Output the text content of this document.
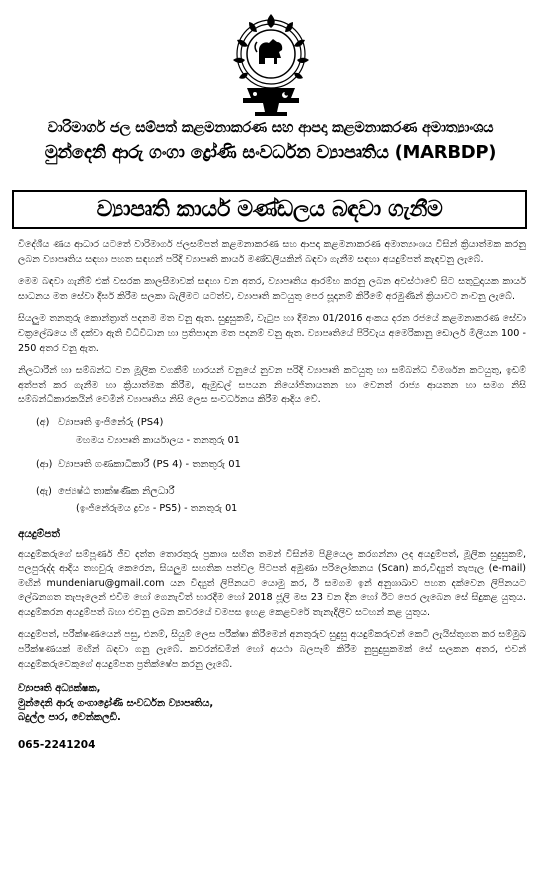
වාරිමාර්ග ජල සම්පත් කළමනාකරණ සහ ආපදා කළමනාකරණ අමාත්‍යාංශය
මුන්දෙනි ආරු ගංගා ද්‍රෝණි සංවර්ධන ව්‍යාපෘතිය (MARBDP)
ව්‍යාපෘති කාර්ය මණ්ඩලය බඳවා ගැනීම

විදේශීය ණය ආධාර යටතේ වාරිමාර්ග ජලසම්පත් කළමනාකරණ සහ ආපදා කළමනාකරණ අමාත්‍යාංශය විසින් ක්‍රියාත්මක කරනු ලබන ව්‍යාපෘතිය සඳහා පහත සඳහන් පරිදි ව්‍යාපෘති කාර්ය මණ්ඩලියකින් බඳවා ගැනීම සඳහා අයදුම්පත් කැඳවනු ලැබේ.

මෙම බඳවා ගැනීම් එක් වසරක කාලසීමාවක් සඳහා වන අතර, ව්‍යාපෘතිය ආරම්භ කරනු ලබන අවස්ථාවේ සිට සතුටුදායක කාර්ය සාධනය මත සේවා දීර්ඝ කිරීම සලකා බැලීමට යටත්ව, ව්‍යාපෘති කටයුතු පෙර සූදානම් කිරීමේ අරමුණින් ක්‍රියාවට නංවනු ලැබේ.

සියලුම තනතුරු කොන්ත්‍රාත් පදනම මත වනු ඇත. සුදුසුකම්, වැටුප හා දීමනා 01/2016 අංකය දරන රජයේ කළමනාකරණ සේවා චක්‍රලේඛයෙ හි දක්වා ඇති විධිවිධාන හා ප්‍රතිපාදන මත පදනම් වනු ඇත. ව්‍යාපෘතියේ පිරිවැය අමෙරිකානු ඩොලර් මිලියන 100 - 250 අතර වනු ඇත.

නිලධාරීන් හා සම්බන්ධ වන මූලික වගකීම් හාරයන් වනුයේ නුවන පරිදි ව්‍යාපෘති කටයුතු හා සම්බන්ධ විමර්ශන කටයුතු, ඉඩම් අත්පත් කර ගැනීම හා ක්‍රියාත්මක කිරීම, ඇමුඩල් සපයන නියෝජිතායතන හා වෙනත් රාජ්‍ය ආයතන හා සමග නිසි සම්බන්ධීකාරකයින් වෙමින් ව්‍යාපෘතිය නිසි ලෙස සංවර්ධනය කිරීම ආදිය වේ.

(අ) ව්‍යාපෘති ඉංජිනේරු (PS4)
මහමය ව්‍යාපෘති කාර්යාලය - තනතුරු 01
(ආ) ව්‍යාපෘති ගණකාධිකාරී (PS 4) - තනතුරු 01
(ඇ) ජ්‍යෙෂ්ඨ තාක්ෂණික නිලධාරී
(ඉංජිනේරුමය ද්‍රව්‍ය - PS5) - තනතුරු 01
අයදුම්පත්

අයදුම්කරුගේ සම්පූර්ණ ජීව දත්ත තොරතුරු ප්‍රකාශ සහිත තමන් විසින්ම පිළියෙල කරගන්නා ලද අයදුම්පත්, මූලික සුදුසුකම්, පලපුරුද්ද ආදිය තහවුරු කෙරෙන, සියලුම සහතික පත්වල පිටපත් අමුණා පරිලෝකනය (Scan) කර,විද්‍යුත් තැපැල (e-mail) මඟින් mundeniaru@gmail.com යන විද්‍යුත් ලිපිනයට යොමු කර, ඊ සමගම ඉන් අනුශාඛාව පහත දක්වෙන ලිපිනයට ලේඛනගත තැපෑලෙන් එවිම හෝ ගෙනැවිත් භාරදීම හෝ 2018 ජූලි මස 23 වන දින හෝ ඊට පෙර ලැබෙන සේ සිදුකළ යුතුය. අයදුම්කරන අයදුම්පත් බහා එවනු ලබන කවරයේ වමපස ඉහළ කෙළවරේ තැනැදිලිව සටහන් කළ යුතුය.

අයදුම්පත්, පරීක්ෂණයෙන් පසු, එනම්, සියුම් ලෙස පරීක්ෂා කිරීමෙන් අනතුරුව සුදුසු අයදුම්කරුවන් කෙටි ලැයිස්තුගත කර සම්මුඛ පරීක්ෂණයක් මඟින් බඳවා ගනු ලැබේ. කවරන්ඩමින් හෝ අයථා බලපෑම් කිරීම නුසුදුසුකමක් සේ සලකන අතර, එවන් අයදුම්කරුවෙකුගේ අයදුම්පත ප්‍රතික්ෂේප කරනු ලැබේ.

ව්‍යාපෘති අධ්‍යක්ෂක,
මුන්දෙනි ආරු ගංගාද්‍රෝණි සංවර්ධන ව්‍යාපෘතිය,
බදුල්ල පාර, වෙන්කලඩි.
065-2241204
